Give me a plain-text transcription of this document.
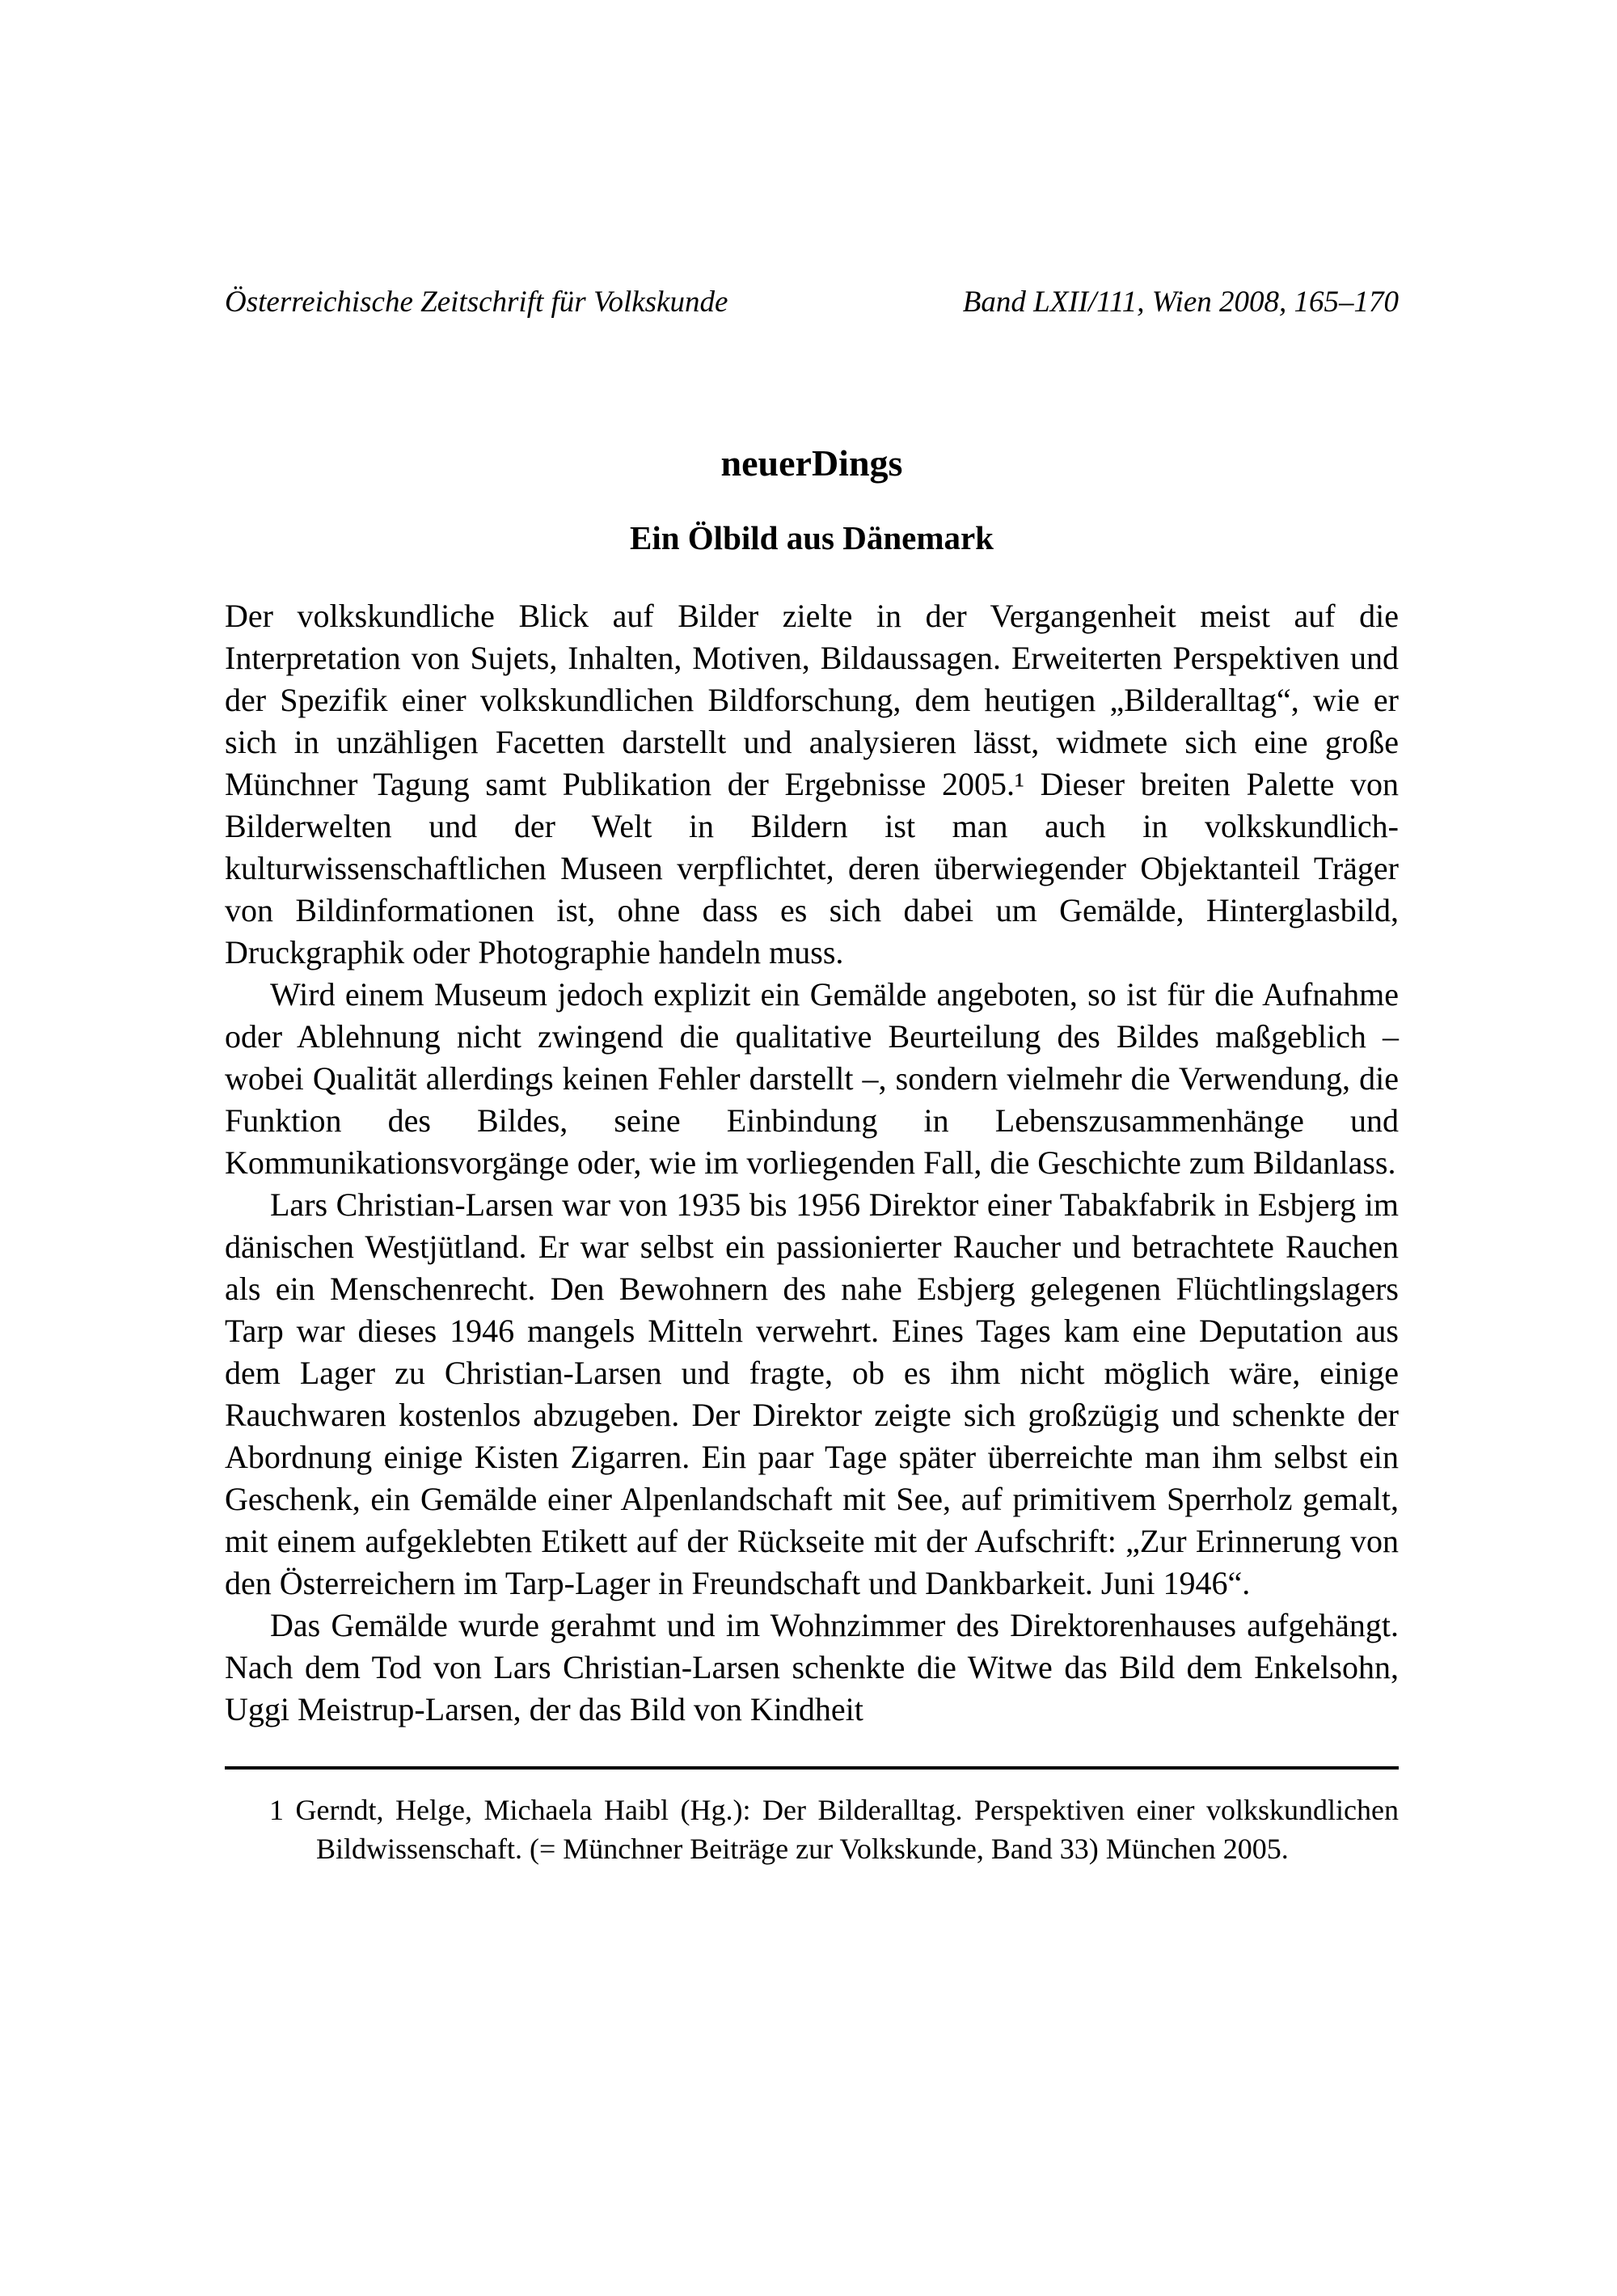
Österreichische Zeitschrift für Volkskunde	Band LXII/111, Wien 2008, 165–170
neuerDings
Ein Ölbild aus Dänemark

Der volkskundliche Blick auf Bilder zielte in der Vergangenheit meist auf die Interpretation von Sujets, Inhalten, Motiven, Bildaussagen. Erweiterten Perspektiven und der Spezifik einer volkskundlichen Bildforschung, dem heutigen „Bilderalltag“, wie er sich in unzähligen Facetten darstellt und analysieren lässt, widmete sich eine große Münchner Tagung samt Publikation der Ergebnisse 2005.¹ Dieser breiten Palette von Bilderwelten und der Welt in Bildern ist man auch in volkskundlich-kulturwissenschaftlichen Museen verpflichtet, deren überwiegender Objektanteil Träger von Bildinformationen ist, ohne dass es sich dabei um Gemälde, Hinterglasbild, Druckgraphik oder Photographie handeln muss.

Wird einem Museum jedoch explizit ein Gemälde angeboten, so ist für die Aufnahme oder Ablehnung nicht zwingend die qualitative Beurteilung des Bildes maßgeblich – wobei Qualität allerdings keinen Fehler darstellt –, sondern vielmehr die Verwendung, die Funktion des Bildes, seine Einbindung in Lebenszusammenhänge und Kommunikationsvorgänge oder, wie im vorliegenden Fall, die Geschichte zum Bildanlass.

Lars Christian-Larsen war von 1935 bis 1956 Direktor einer Tabakfabrik in Esbjerg im dänischen Westjütland. Er war selbst ein passionierter Raucher und betrachtete Rauchen als ein Menschenrecht. Den Bewohnern des nahe Esbjerg gelegenen Flüchtlingslagers Tarp war dieses 1946 mangels Mitteln verwehrt. Eines Tages kam eine Deputation aus dem Lager zu Christian-Larsen und fragte, ob es ihm nicht möglich wäre, einige Rauchwaren kostenlos abzugeben. Der Direktor zeigte sich großzügig und schenkte der Abordnung einige Kisten Zigarren. Ein paar Tage später überreichte man ihm selbst ein Geschenk, ein Gemälde einer Alpenlandschaft mit See, auf primitivem Sperrholz gemalt, mit einem aufgeklebten Etikett auf der Rückseite mit der Aufschrift: „Zur Erinnerung von den Österreichern im Tarp-Lager in Freundschaft und Dankbarkeit. Juni 1946“.

Das Gemälde wurde gerahmt und im Wohnzimmer des Direktorenhauses aufgehängt. Nach dem Tod von Lars Christian-Larsen schenkte die Witwe das Bild dem Enkelsohn, Uggi Meistrup-Larsen, der das Bild von Kindheit

1 Gerndt, Helge, Michaela Haibl (Hg.): Der Bilderalltag. Perspektiven einer volkskundlichen Bildwissenschaft. (= Münchner Beiträge zur Volkskunde, Band 33) München 2005.
